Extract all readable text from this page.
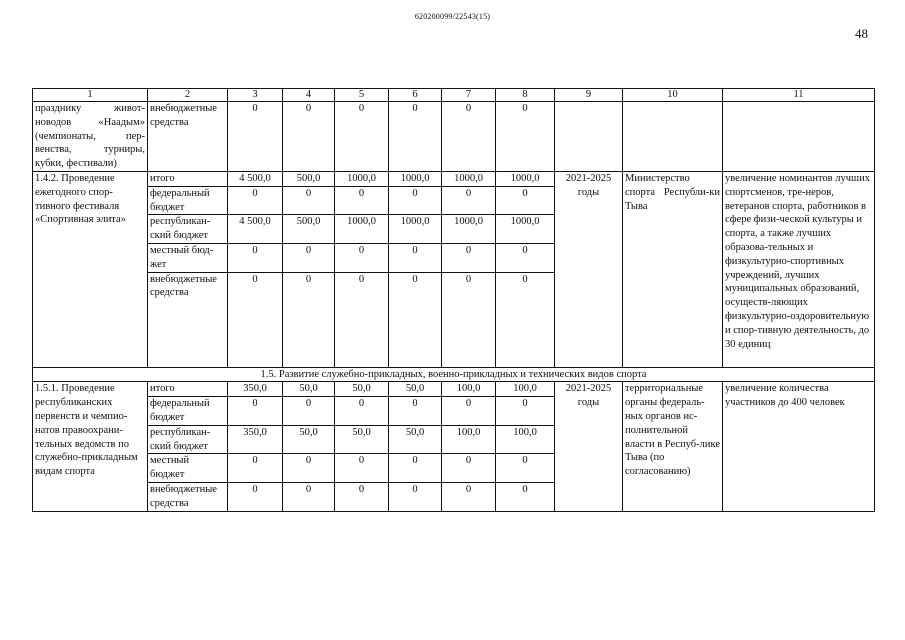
620200099/22543(15)
48
1	2	3	4	5	6	7	8	9	10	11
празднику живот-новодов «Наадым» (чемпионаты, пер-венства, турниры, кубки, фестивали)	внебюджетные средства	0	0	0	0	0	0			
1.4.2. Проведение ежегодного спор-тивного фестиваля «Спортивная элита»	итого	4 500,0	500,0	1000,0	1000,0	1000,0	1000,0	2021-2025 годы	Министерство спорта Республи-ки Тыва	увеличение номинантов лучших спортсменов, тре-неров, ветеранов спорта, работников в сфере физи-ческой культуры и спорта, а также лучших образова-тельных и физкультурно-спортивных учреждений, лучших муниципальных образований, осуществ-ляющих физкультурно-оздоровительную и спор-тивную деятельность, до 30 единиц
	федеральный бюджет	0	0	0	0	0	0			
	республикан-ский бюджет	4 500,0	500,0	1000,0	1000,0	1000,0	1000,0			
	местный бюд-жет	0	0	0	0	0	0			
	внебюджетные средства	0	0	0	0	0	0			
1.5. Развитие служебно-прикладных, военно-прикладных и технических видов спорта										
1.5.1. Проведение республиканских первенств и чемпио-натов правоохрани-тельных ведомств по служебно-прикладным видам спорта	итого	350,0	50,0	50,0	50,0	100,0	100,0	2021-2025 годы	территориальные органы федераль-ных органов ис-полнительной власти в Респуб-лике Тыва (по согласованию)	увеличение количества участников до 400 человек
	федеральный бюджет	0	0	0	0	0	0			
	республикан-ский бюджет	350,0	50,0	50,0	50,0	100,0	100,0			
	местный бюджет	0	0	0	0	0	0			
	внебюджетные средства	0	0	0	0	0	0			
